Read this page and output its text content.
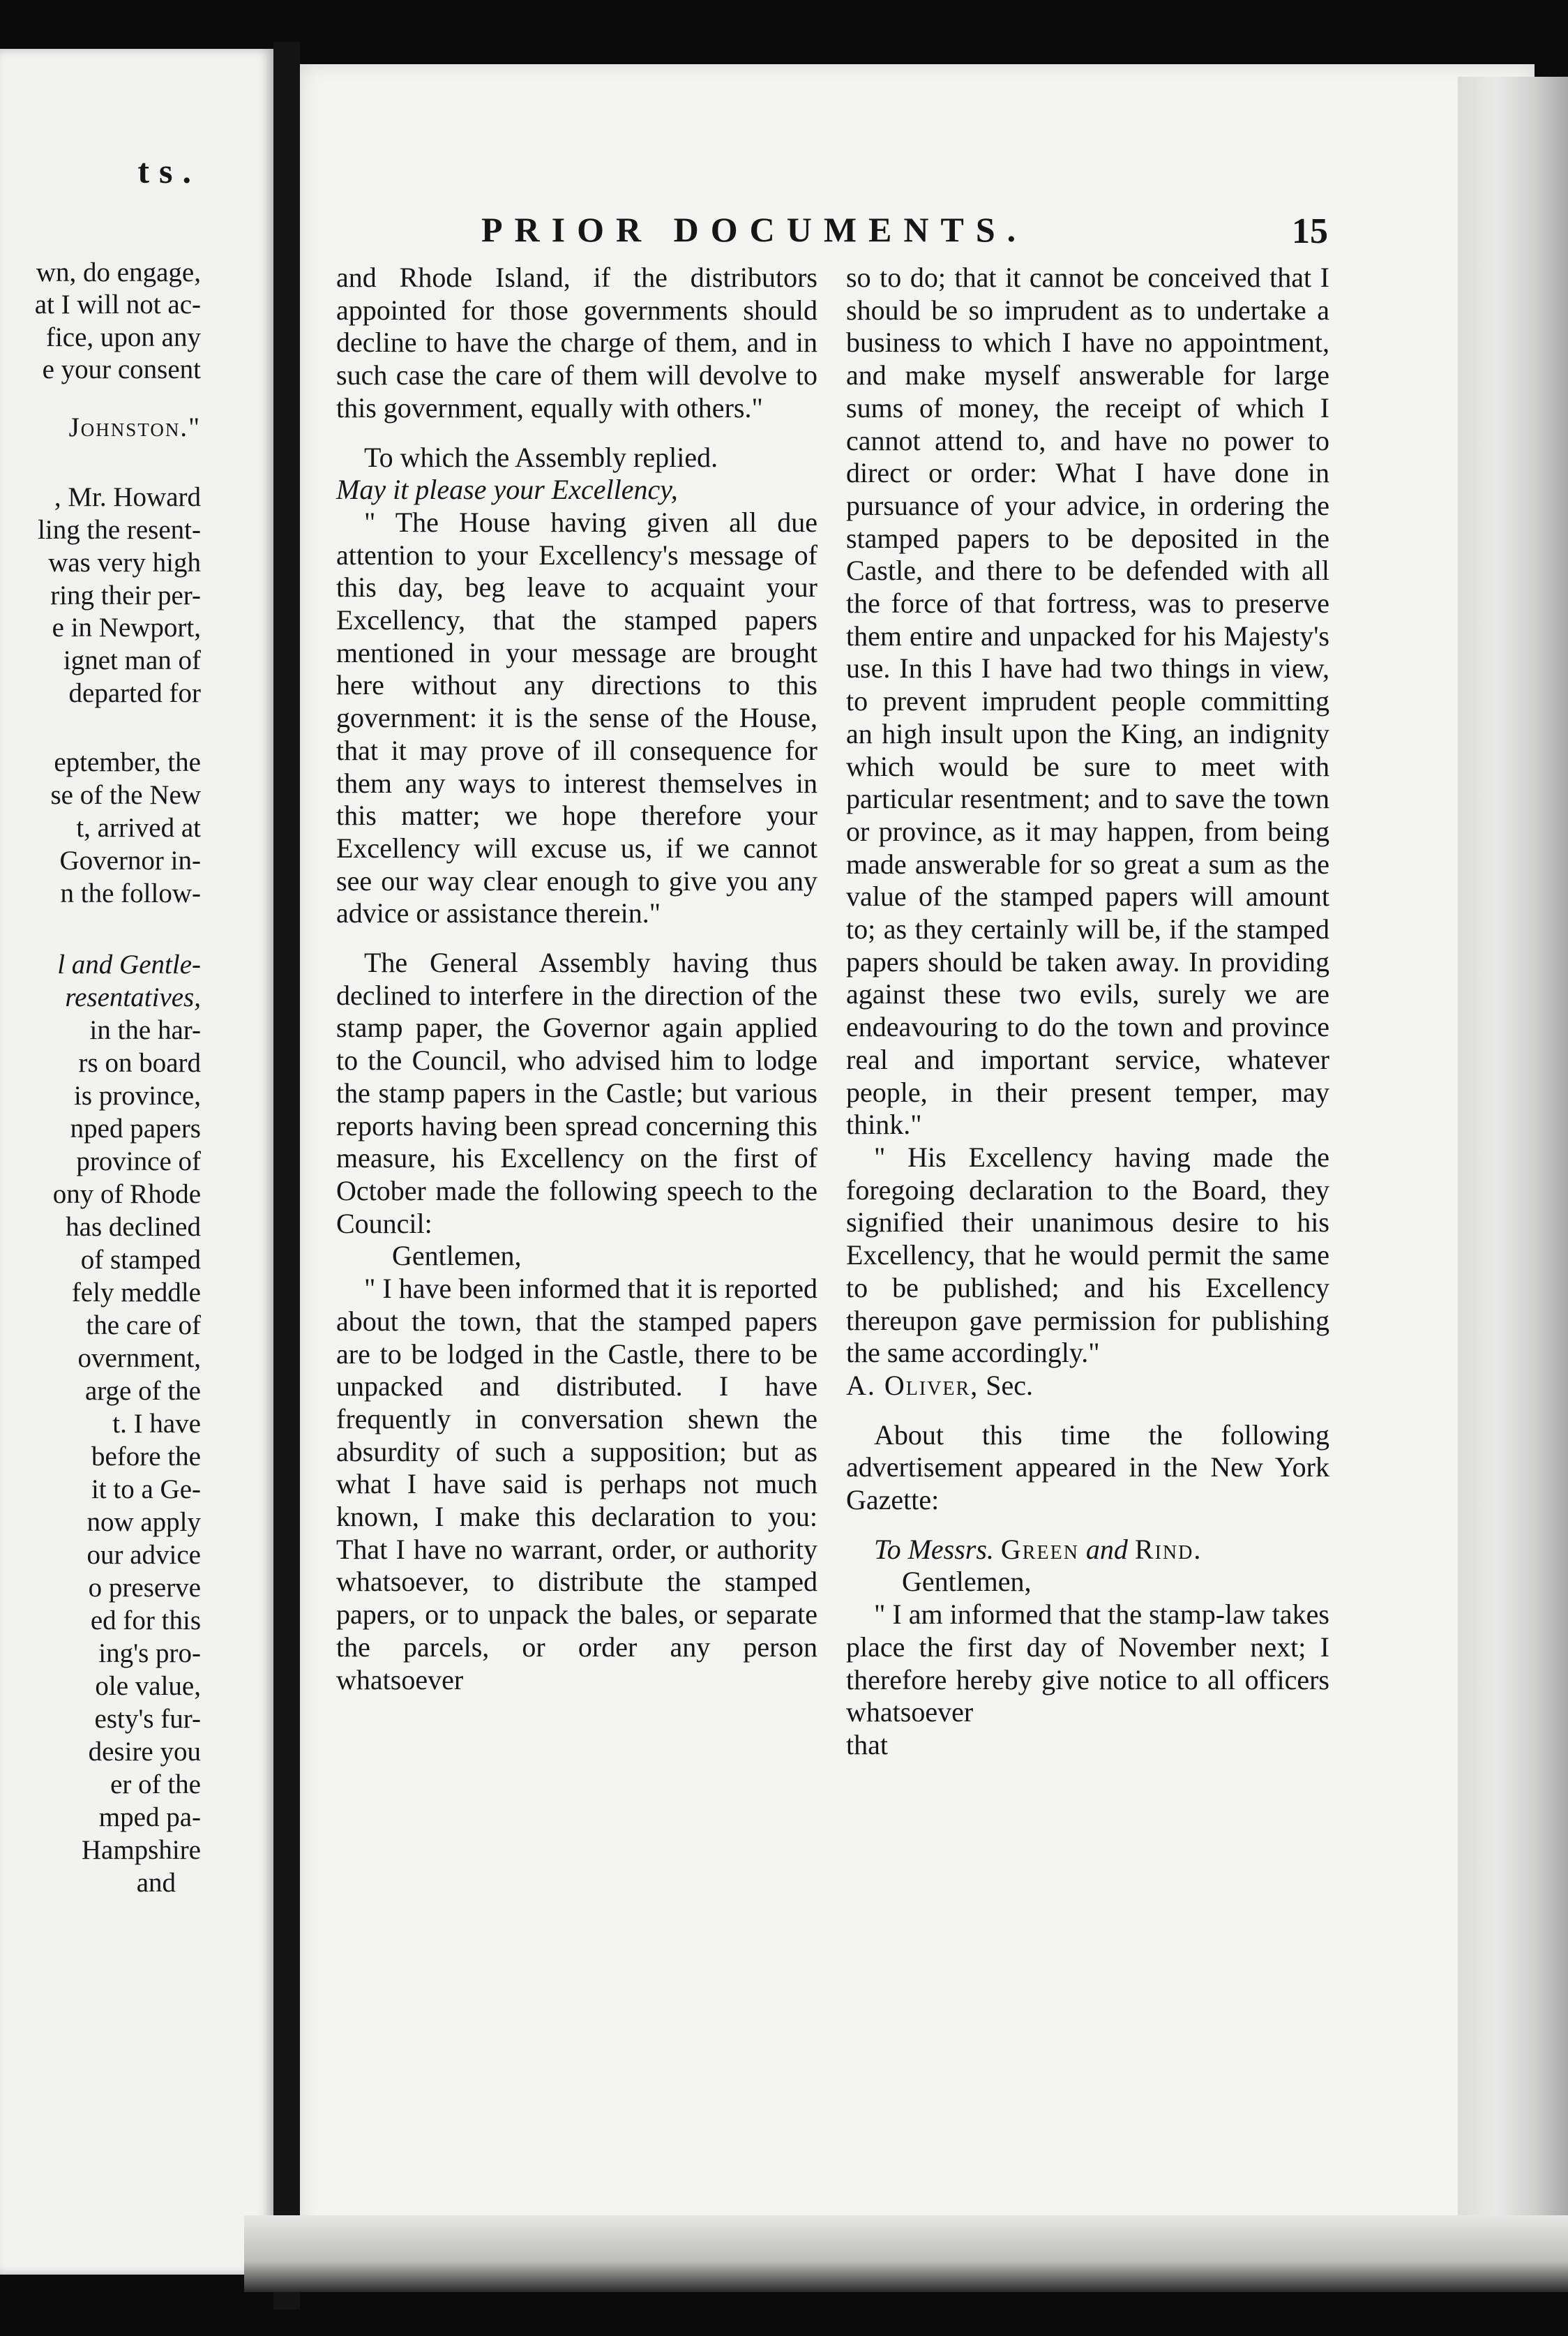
ts.
wn, do engage,
at I will not ac-
fice, upon any
e your consent
Johnston."
, Mr. Howard
ling the resent-
was very high
ring their per-
e in Newport,
ignet man of
departed for
eptember, the
se of the New
t, arrived at
Governor in-
n the follow-
l and Gentle-
resentatives,
in the har-
rs on board
is province,
nped papers
province of
ony of Rhode
has declined
of stamped
fely meddle
the care of
overnment,
arge of the
t. I have
before the
it to a Ge-
now apply
our advice
o preserve
ed for this
ing's pro-
ole value,
esty's fur-
desire you
er of the
mped pa-
Hampshire
and
PRIOR DOCUMENTS.	15

and Rhode Island, if the distributors appointed for those governments should decline to have the charge of them, and in such case the care of them will devolve to this government, equally with others."

To which the Assembly replied.

May it please your Excellency,

" The House having given all due attention to your Excellency's message of this day, beg leave to acquaint your Excellency, that the stamped papers mentioned in your message are brought here without any directions to this government: it is the sense of the House, that it may prove of ill consequence for them any ways to interest themselves in this matter; we hope therefore your Excellency will excuse us, if we cannot see our way clear enough to give you any advice or assistance therein."

The General Assembly having thus declined to interfere in the direction of the stamp paper, the Governor again applied to the Council, who advised him to lodge the stamp papers in the Castle; but various reports having been spread concerning this measure, his Excellency on the first of October made the following speech to the Council:

Gentlemen,

" I have been informed that it is reported about the town, that the stamped papers are to be lodged in the Castle, there to be unpacked and distributed. I have frequently in conversation shewn the absurdity of such a supposition; but as what I have said is perhaps not much known, I make this declaration to you: That I have no warrant, order, or authority whatsoever, to distribute the stamped papers, or to unpack the bales, or separate the parcels, or order any person whatsoever

so to do; that it cannot be conceived that I should be so imprudent as to undertake a business to which I have no appointment, and make myself answerable for large sums of money, the receipt of which I cannot attend to, and have no power to direct or order: What I have done in pursuance of your advice, in ordering the stamped papers to be deposited in the Castle, and there to be defended with all the force of that fortress, was to preserve them entire and unpacked for his Majesty's use. In this I have had two things in view, to prevent imprudent people committing an high insult upon the King, an indignity which would be sure to meet with particular resentment; and to save the town or province, as it may happen, from being made answerable for so great a sum as the value of the stamped papers will amount to; as they certainly will be, if the stamped papers should be taken away. In providing against these two evils, surely we are endeavouring to do the town and province real and important service, whatever people, in their present temper, may think."

" His Excellency having made the foregoing declaration to the Board, they signified their unanimous desire to his Excellency, that he would permit the same to be published; and his Excellency thereupon gave permission for publishing the same accordingly."

A. Oliver, Sec.

About this time the following advertisement appeared in the New York Gazette:

To Messrs. Green and Rind.

Gentlemen,

" I am informed that the stamp-law takes place the first day of November next; I therefore hereby give notice to all officers whatsoever

that
